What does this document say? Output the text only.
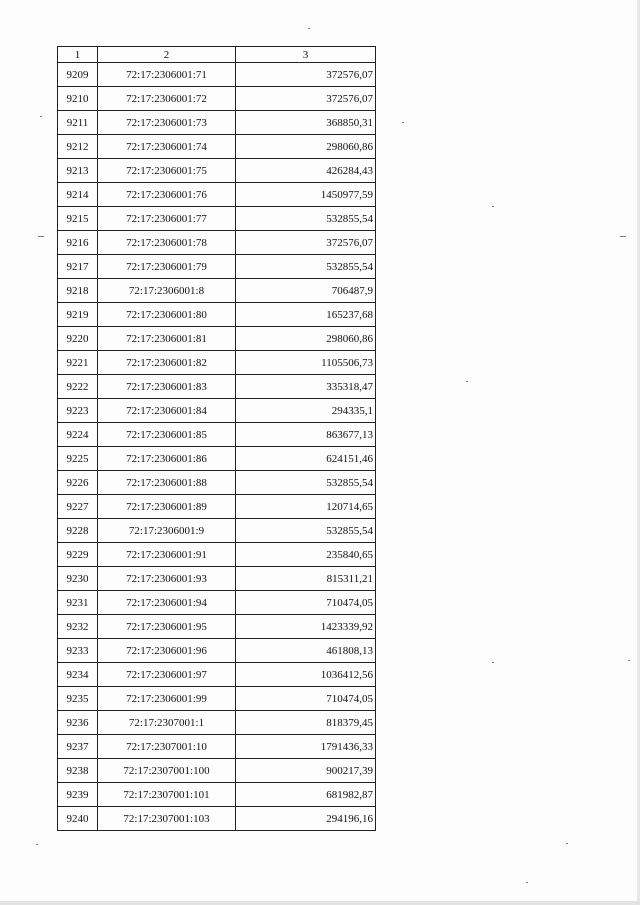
1	2	3
9209	72:17:2306001:71	372576,07
9210	72:17:2306001:72	372576,07
9211	72:17:2306001:73	368850,31
9212	72:17:2306001:74	298060,86
9213	72:17:2306001:75	426284,43
9214	72:17:2306001:76	1450977,59
9215	72:17:2306001:77	532855,54
9216	72:17:2306001:78	372576,07
9217	72:17:2306001:79	532855,54
9218	72:17:2306001:8	706487,9
9219	72:17:2306001:80	165237,68
9220	72:17:2306001:81	298060,86
9221	72:17:2306001:82	1105506,73
9222	72:17:2306001:83	335318,47
9223	72:17:2306001:84	294335,1
9224	72:17:2306001:85	863677,13
9225	72:17:2306001:86	624151,46
9226	72:17:2306001:88	532855,54
9227	72:17:2306001:89	120714,65
9228	72:17:2306001:9	532855,54
9229	72:17:2306001:91	235840,65
9230	72:17:2306001:93	815311,21
9231	72:17:2306001:94	710474,05
9232	72:17:2306001:95	1423339,92
9233	72:17:2306001:96	461808,13
9234	72:17:2306001:97	1036412,56
9235	72:17:2306001:99	710474,05
9236	72:17:2307001:1	818379,45
9237	72:17:2307001:10	1791436,33
9238	72:17:2307001:100	900217,39
9239	72:17:2307001:101	681982,87
9240	72:17:2307001:103	294196,16
